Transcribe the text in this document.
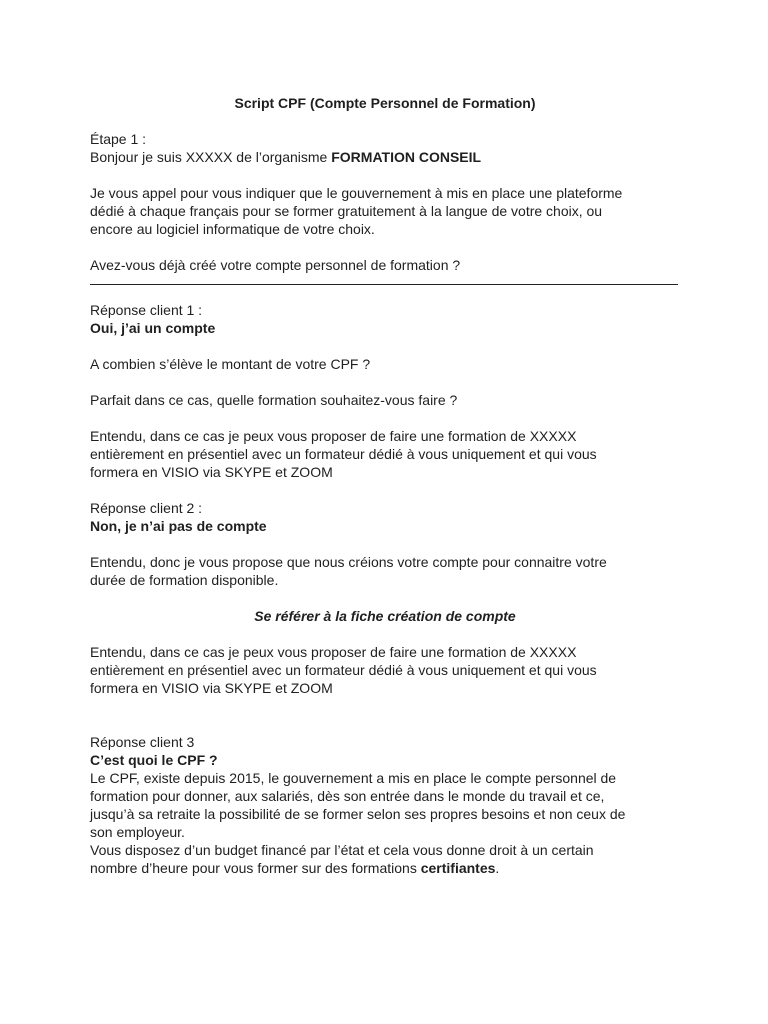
Script CPF (Compte Personnel de Formation)

Étape 1 :

Bonjour je suis XXXXX de l’organisme FORMATION CONSEIL

Je vous appel pour vous indiquer que le gouvernement à mis en place une plateforme

dédié à chaque français pour se former gratuitement à la langue de votre choix, ou

encore au logiciel informatique de votre choix.

Avez-vous déjà créé votre compte personnel de formation ?

Réponse client 1 :

Oui, j’ai un compte

A combien s’élève le montant de votre CPF ?

Parfait dans ce cas, quelle formation souhaitez-vous faire ?

Entendu, dans ce cas je peux vous proposer de faire une formation de XXXXX

entièrement en présentiel avec un formateur dédié à vous uniquement et qui vous

formera en VISIO via SKYPE et ZOOM

Réponse client 2 :

Non, je n’ai pas de compte

Entendu, donc je vous propose que nous créions votre compte pour connaitre votre

durée de formation disponible.

Se référer à la fiche création de compte

Entendu, dans ce cas je peux vous proposer de faire une formation de XXXXX

entièrement en présentiel avec un formateur dédié à vous uniquement et qui vous

formera en VISIO via SKYPE et ZOOM

Réponse client 3

C’est quoi le CPF ?

Le CPF, existe depuis 2015, le gouvernement a mis en place le compte personnel de

formation pour donner, aux salariés, dès son entrée dans le monde du travail et ce,

jusqu’à sa retraite la possibilité de se former selon ses propres besoins et non ceux de

son employeur.

Vous disposez d’un budget financé par l’état et cela vous donne droit à un certain

nombre d’heure pour vous former sur des formations certifiantes.
